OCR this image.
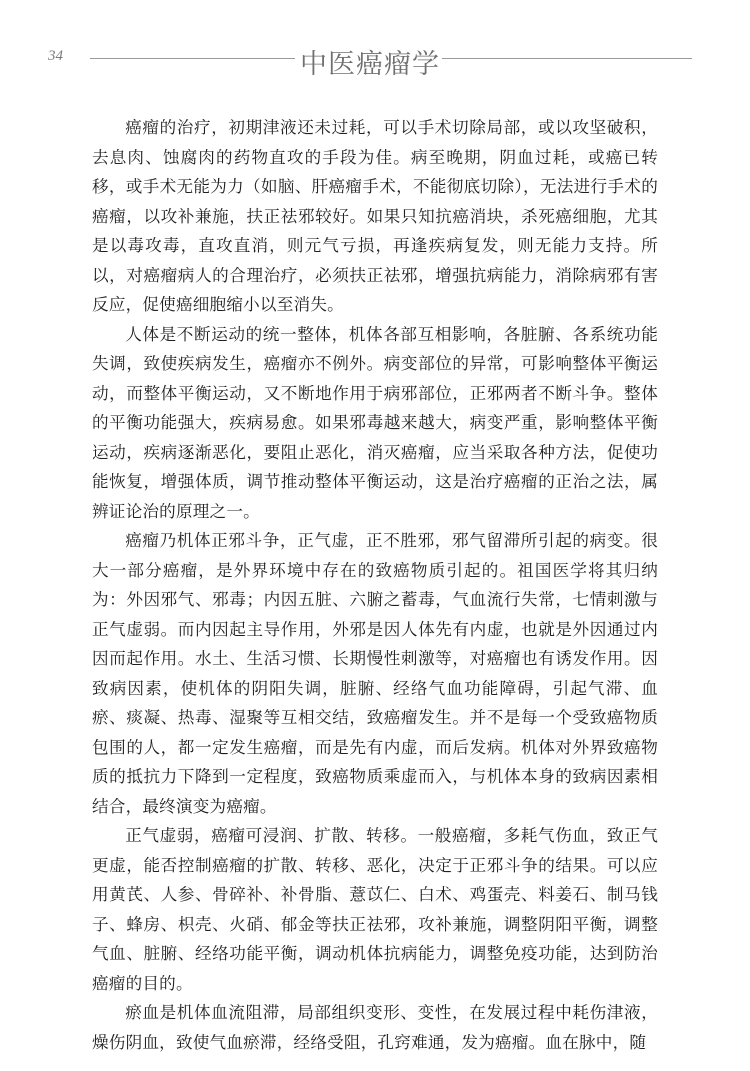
34	中医癌瘤学

癌瘤的治疗，初期津液还未过耗，可以手术切除局部，或以攻坚破积，去息肉、蚀腐肉的药物直攻的手段为佳。病至晚期，阴血过耗，或癌已转移，或手术无能为力（如脑、肝癌瘤手术，不能彻底切除），无法进行手术的癌瘤，以攻补兼施，扶正祛邪较好。如果只知抗癌消块，杀死癌细胞，尤其是以毒攻毒，直攻直消，则元气亏损，再逢疾病复发，则无能力支持。所以，对癌瘤病人的合理治疗，必须扶正祛邪，增强抗病能力，消除病邪有害反应，促使癌细胞缩小以至消失。

人体是不断运动的统一整体，机体各部互相影响，各脏腑、各系统功能失调，致使疾病发生，癌瘤亦不例外。病变部位的异常，可影响整体平衡运动，而整体平衡运动，又不断地作用于病邪部位，正邪两者不断斗争。整体的平衡功能强大，疾病易愈。如果邪毒越来越大，病变严重，影响整体平衡运动，疾病逐渐恶化，要阻止恶化，消灭癌瘤，应当采取各种方法，促使功能恢复，增强体质，调节推动整体平衡运动，这是治疗癌瘤的正治之法，属辨证论治的原理之一。

癌瘤乃机体正邪斗争，正气虚，正不胜邪，邪气留滞所引起的病变。很大一部分癌瘤，是外界环境中存在的致癌物质引起的。祖国医学将其归纳为：外因邪气、邪毒；内因五脏、六腑之蓄毒，气血流行失常，七情刺激与正气虚弱。而内因起主导作用，外邪是因人体先有内虚，也就是外因通过内因而起作用。水土、生活习惯、长期慢性刺激等，对癌瘤也有诱发作用。因致病因素，使机体的阴阳失调，脏腑、经络气血功能障碍，引起气滞、血瘀、痰凝、热毒、湿聚等互相交结，致癌瘤发生。并不是每一个受致癌物质包围的人，都一定发生癌瘤，而是先有内虚，而后发病。机体对外界致癌物质的抵抗力下降到一定程度，致癌物质乘虚而入，与机体本身的致病因素相结合，最终演变为癌瘤。

正气虚弱，癌瘤可浸润、扩散、转移。一般癌瘤，多耗气伤血，致正气更虚，能否控制癌瘤的扩散、转移、恶化，决定于正邪斗争的结果。可以应用黄芪、人参、骨碎补、补骨脂、薏苡仁、白术、鸡蛋壳、料姜石、制马钱子、蜂房、枳壳、火硝、郁金等扶正祛邪，攻补兼施，调整阴阳平衡，调整气血、脏腑、经络功能平衡，调动机体抗病能力，调整免疫功能，达到防治癌瘤的目的。

瘀血是机体血流阻滞，局部组织变形、变性，在发展过程中耗伤津液，燥伤阴血，致使气血瘀滞，经络受阻，孔窍难通，发为癌瘤。血在脉中，随
